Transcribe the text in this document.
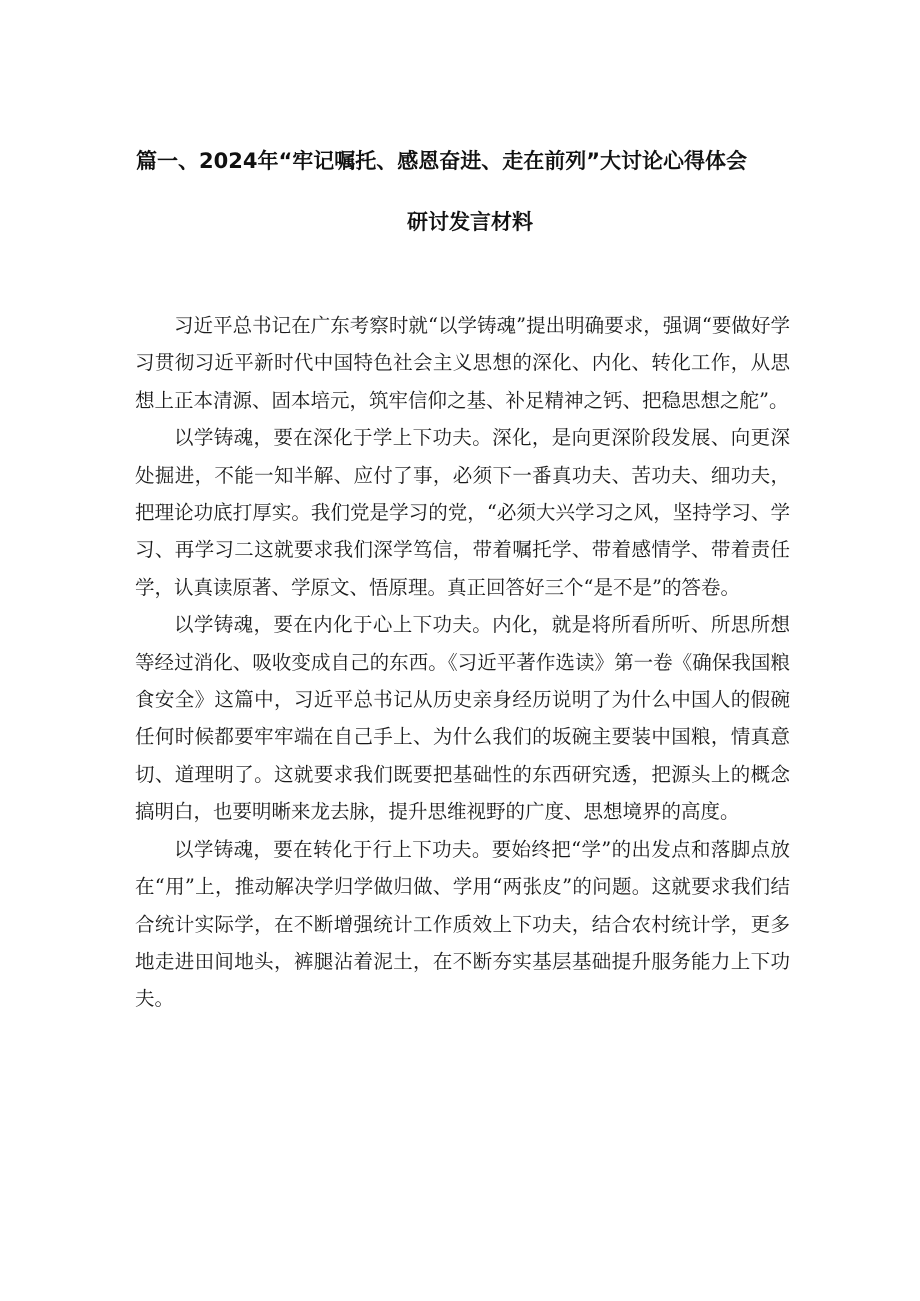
篇一、2024年“牢记嘱托、感恩奋进、走在前列”大讨论心得体会
研讨发言材料

习近平总书记在广东考察时就“以学铸魂”提出明确要求，强调“要做好学习贯彻习近平新时代中国特色社会主义思想的深化、内化、转化工作，从思想上正本清源、固本培元，筑牢信仰之基、补足精神之钙、把稳思想之舵”。

以学铸魂，要在深化于学上下功夫。深化，是向更深阶段发展、向更深处掘进，不能一知半解、应付了事，必须下一番真功夫、苦功夫、细功夫，把理论功底打厚实。我们党是学习的党，“必须大兴学习之风，坚持学习、学习、再学习二这就要求我们深学笃信，带着嘱托学、带着感情学、带着责任学，认真读原著、学原文、悟原理。真正回答好三个“是不是”的答卷。

以学铸魂，要在内化于心上下功夫。内化，就是将所看所听、所思所想等经过消化、吸收变成自己的东西。《习近平著作选读》第一卷《确保我国粮食安全》这篇中，习近平总书记从历史亲身经历说明了为什么中国人的假碗任何时候都要牢牢端在自己手上、为什么我们的坂碗主要装中国粮，情真意切、道理明了。这就要求我们既要把基础性的东西研究透，把源头上的概念搞明白，也要明晰来龙去脉，提升思维视野的广度、思想境界的高度。

以学铸魂，要在转化于行上下功夫。要始终把“学”的出发点和落脚点放在“用”上，推动解决学归学做归做、学用“两张皮”的问题。这就要求我们结合统计实际学，在不断增强统计工作质效上下功夫，结合农村统计学，更多地走进田间地头，裤腿沾着泥土，在不断夯实基层基础提升服务能力上下功夫。
